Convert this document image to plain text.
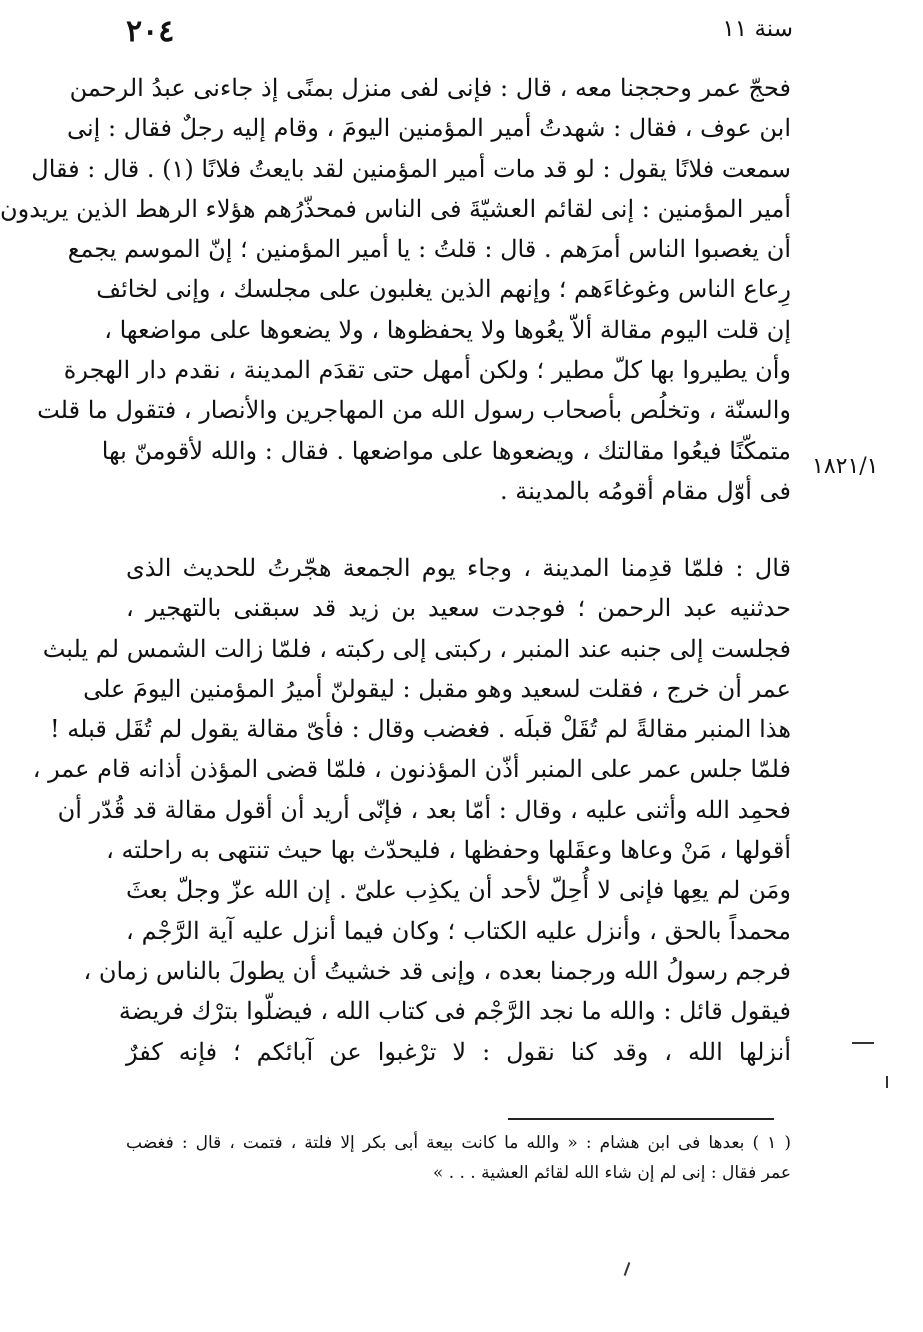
٢٠٤	سنة ١١
فحجّ عمر وحججنا معه ، قال : فإنى لفى منزل بمنًى إذ جاءنى عبدُ الرحمن
ابن عوف ، فقال : شهدتُ أمير المؤمنين اليومَ ، وقام إليه رجلٌ فقال : إنى
سمعت فلانًا يقول : لو قد مات أمير المؤمنين لقد بايعتُ فلانًا (١) . قال : فقال
أمير المؤمنين : إنى لقائم العشيّةَ فى الناس فمحذّرُهم هؤلاء الرهط الذين يريدون
أن يغصبوا الناس أمرَهم . قال : قلتُ : يا أمير المؤمنين ؛ إنّ الموسم يجمع
رِعاع الناس وغوغاءَهم ؛ وإنهم الذين يغلبون على مجلسك ، وإنى لخائف
إن قلت اليوم مقالة ألاّ يعُوها ولا يحفظوها ، ولا يضعوها على مواضعها ،
وأن يطيروا بها كلّ مطير ؛ ولكن أمهل حتى تقدَم المدينة ، نقدم دار الهجرة
والسنّة ، وتخلُص بأصحاب رسول الله من المهاجرين والأنصار ، فتقول ما قلت
متمكّنًا فيعُوا مقالتك ، ويضعوها على مواضعها . فقال : والله لأقومنّ بها
فى أوّل مقام أقومُه بالمدينة .
١٨٢١/١
قال : فلمّا قدِمنا المدينة ، وجاء يوم الجمعة هجّرتُ للحديث الذى
حدثنيه عبد الرحمن ؛ فوجدت سعيد بن زيد قد سبقنى بالتهجير ،
فجلست إلى جنبه عند المنبر ، ركبتى إلى ركبته ، فلمّا زالت الشمس لم يلبث
عمر أن خرج ، فقلت لسعيد وهو مقبل : ليقولنّ أميرُ المؤمنين اليومَ على
هذا المنبر مقالةً لم تُقَلْ قبلَه . فغضب وقال : فأىّ مقالة يقول لم تُقَل قبله !
فلمّا جلس عمر على المنبر أذّن المؤذنون ، فلمّا قضى المؤذن أذانه قام عمر ،
فحمِد الله وأثنى عليه ، وقال : أمّا بعد ، فإنّى أريد أن أقول مقالة قد قُدّر أن
أقولها ، مَنْ وعاها وعقَلها وحفظها ، فليحدّث بها حيث تنتهى به راحلته ،
ومَن لم يعِها فإنى لا أُحِلّ لأحد أن يكذِب علىّ . إن الله عزّ وجلّ بعثَ
محمداً بالحق ، وأنزل عليه الكتاب ؛ وكان فيما أنزل عليه آية الرَّجْم ،
فرجم رسولُ الله ورجمنا بعده ، وإنى قد خشيتُ أن يطولَ بالناس زمان ،
فيقول قائل : والله ما نجد الرَّجْم فى كتاب الله ، فيضلّوا بترْك فريضة
أنزلها الله ، وقد كنا نقول : لا ترْغبوا عن آبائكم ؛ فإنه كفرٌ
( ١ ) بعدها فى ابن هشام : « والله ما كانت بيعة أبى بكر إلا فلتة ، فتمت ، قال : فغضب
عمر فقال : إنى لم إن شاء الله لقائم العشية . . . »
